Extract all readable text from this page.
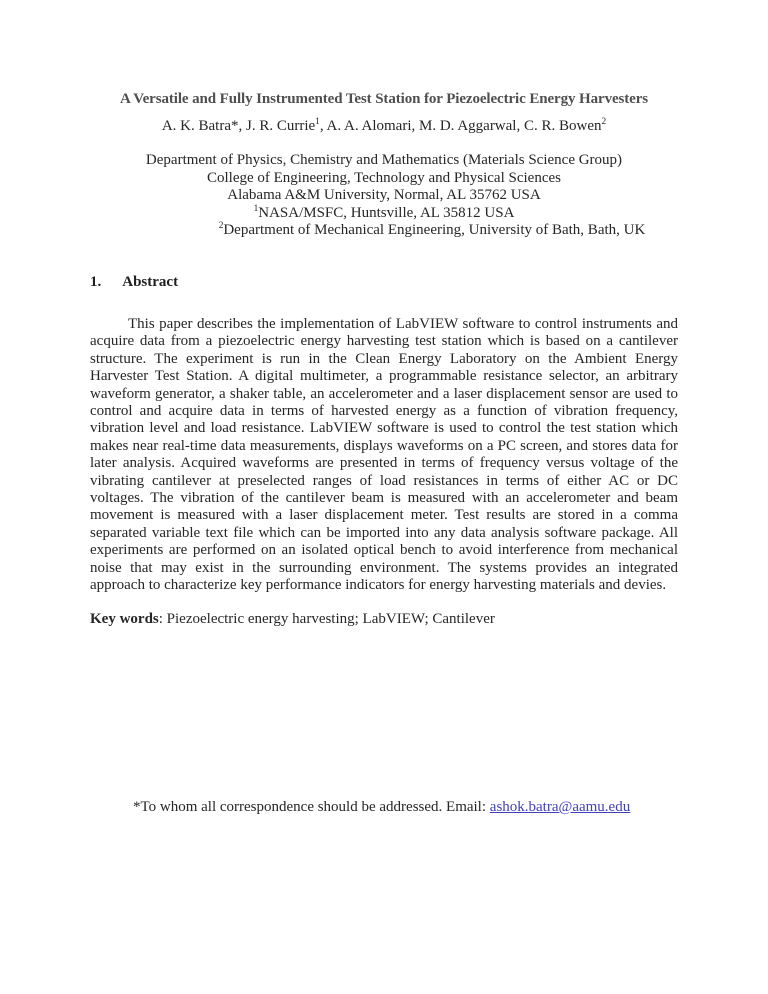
A Versatile and Fully Instrumented Test Station for Piezoelectric Energy Harvesters
A. K. Batra*, J. R. Currie$^1$, A. A. Alomari, M. D. Aggarwal, C. R. Bowen$^2$
Department of Physics, Chemistry and Mathematics (Materials Science Group)
College of Engineering, Technology and Physical Sciences
Alabama A&M University, Normal, AL 35762 USA
$^1$NASA/MSFC, Huntsville, AL 35812 USA
$^2$Department of Mechanical Engineering, University of Bath, Bath, UK
1. Abstract
This paper describes the implementation of LabVIEW software to control instruments and acquire data from a piezoelectric energy harvesting test station which is based on a cantilever structure. The experiment is run in the Clean Energy Laboratory on the Ambient Energy Harvester Test Station. A digital multimeter, a programmable resistance selector, an arbitrary waveform generator, a shaker table, an accelerometer and a laser displacement sensor are used to control and acquire data in terms of harvested energy as a function of vibration frequency, vibration level and load resistance. LabVIEW software is used to control the test station which makes near real-time data measurements, displays waveforms on a PC screen, and stores data for later analysis. Acquired waveforms are presented in terms of frequency versus voltage of the vibrating cantilever at preselected ranges of load resistances in terms of either AC or DC voltages. The vibration of the cantilever beam is measured with an accelerometer and beam movement is measured with a laser displacement meter. Test results are stored in a comma separated variable text file which can be imported into any data analysis software package. All experiments are performed on an isolated optical bench to avoid interference from mechanical noise that may exist in the surrounding environment. The systems provides an integrated approach to characterize key performance indicators for energy harvesting materials and devies.
Key words: Piezoelectric energy harvesting; LabVIEW; Cantilever
*To whom all correspondence should be addressed. Email: ashok.batra@aamu.edu
